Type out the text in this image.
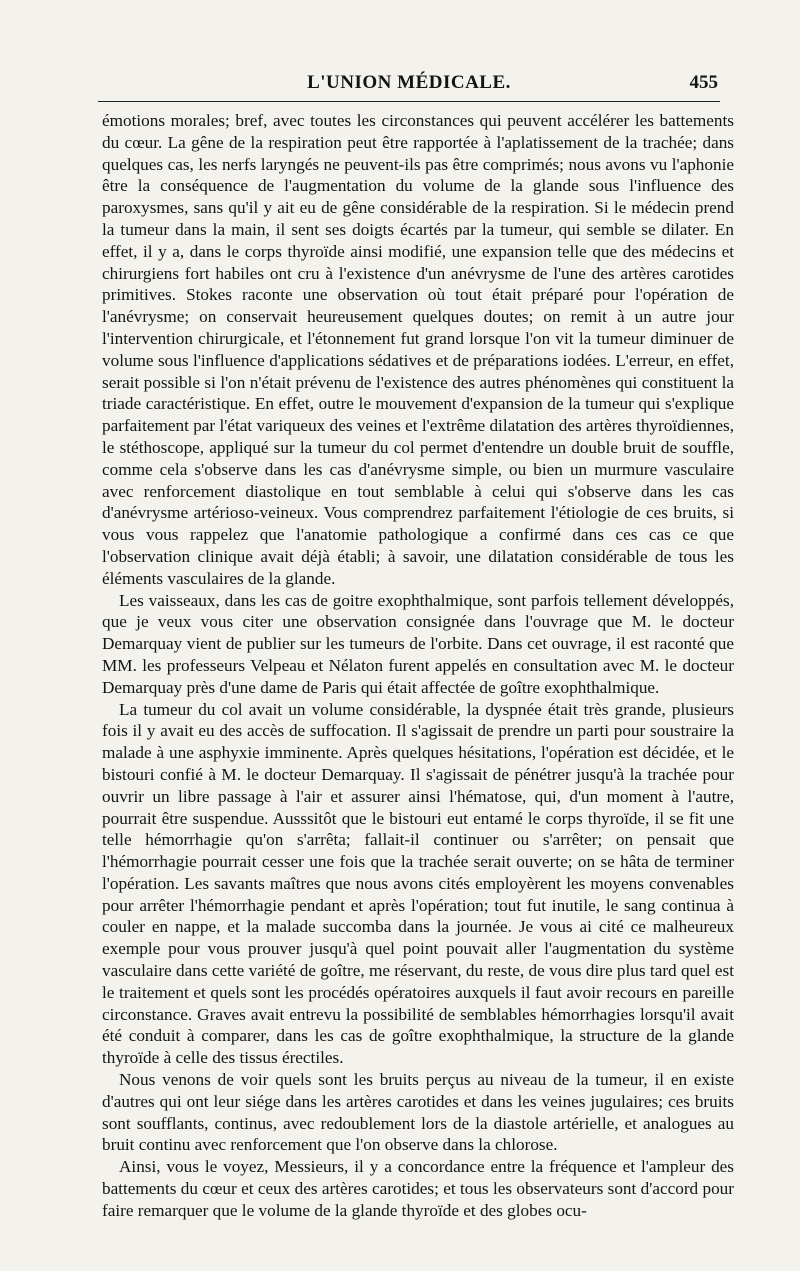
L'UNION MÉDICALE.	455

émotions morales; bref, avec toutes les circonstances qui peuvent accélérer les battements du cœur. La gêne de la respiration peut être rapportée à l'aplatissement de la trachée; dans quelques cas, les nerfs laryngés ne peuvent-ils pas être comprimés; nous avons vu l'aphonie être la conséquence de l'augmentation du volume de la glande sous l'influence des paroxysmes, sans qu'il y ait eu de gêne considérable de la respiration. Si le médecin prend la tumeur dans la main, il sent ses doigts écartés par la tumeur, qui semble se dilater. En effet, il y a, dans le corps thyroïde ainsi modifié, une expansion telle que des médecins et chirurgiens fort habiles ont cru à l'existence d'un anévrysme de l'une des artères carotides primitives. Stokes raconte une observation où tout était préparé pour l'opération de l'anévrysme; on conservait heureusement quelques doutes; on remit à un autre jour l'intervention chirurgicale, et l'étonnement fut grand lorsque l'on vit la tumeur diminuer de volume sous l'influence d'applications sédatives et de préparations iodées. L'erreur, en effet, serait possible si l'on n'était prévenu de l'existence des autres phénomènes qui constituent la triade caractéristique. En effet, outre le mouvement d'expansion de la tumeur qui s'explique parfaitement par l'état variqueux des veines et l'extrême dilatation des artères thyroïdiennes, le stéthoscope, appliqué sur la tumeur du col permet d'entendre un double bruit de souffle, comme cela s'observe dans les cas d'anévrysme simple, ou bien un murmure vasculaire avec renforcement diastolique en tout semblable à celui qui s'observe dans les cas d'anévrysme artérioso-veineux. Vous comprendrez parfaitement l'étiologie de ces bruits, si vous vous rappelez que l'anatomie pathologique a confirmé dans ces cas ce que l'observation clinique avait déjà établi; à savoir, une dilatation considérable de tous les éléments vasculaires de la glande.

Les vaisseaux, dans les cas de goitre exophthalmique, sont parfois tellement développés, que je veux vous citer une observation consignée dans l'ouvrage que M. le docteur Demarquay vient de publier sur les tumeurs de l'orbite. Dans cet ouvrage, il est raconté que MM. les professeurs Velpeau et Nélaton furent appelés en consultation avec M. le docteur Demarquay près d'une dame de Paris qui était affectée de goître exophthalmique.

La tumeur du col avait un volume considérable, la dyspnée était très grande, plusieurs fois il y avait eu des accès de suffocation. Il s'agissait de prendre un parti pour soustraire la malade à une asphyxie imminente. Après quelques hésitations, l'opération est décidée, et le bistouri confié à M. le docteur Demarquay. Il s'agissait de pénétrer jusqu'à la trachée pour ouvrir un libre passage à l'air et assurer ainsi l'hématose, qui, d'un moment à l'autre, pourrait être suspendue. Ausssitôt que le bistouri eut entamé le corps thyroïde, il se fit une telle hémorrhagie qu'on s'arrêta; fallait-il continuer ou s'arrêter; on pensait que l'hémorrhagie pourrait cesser une fois que la trachée serait ouverte; on se hâta de terminer l'opération. Les savants maîtres que nous avons cités employèrent les moyens convenables pour arrêter l'hémorrhagie pendant et après l'opération; tout fut inutile, le sang continua à couler en nappe, et la malade succomba dans la journée. Je vous ai cité ce malheureux exemple pour vous prouver jusqu'à quel point pouvait aller l'augmentation du système vasculaire dans cette variété de goître, me réservant, du reste, de vous dire plus tard quel est le traitement et quels sont les procédés opératoires auxquels il faut avoir recours en pareille circonstance. Graves avait entrevu la possibilité de semblables hémorrhagies lorsqu'il avait été conduit à comparer, dans les cas de goître exophthalmique, la structure de la glande thyroïde à celle des tissus érectiles.

Nous venons de voir quels sont les bruits perçus au niveau de la tumeur, il en existe d'autres qui ont leur siége dans les artères carotides et dans les veines jugulaires; ces bruits sont soufflants, continus, avec redoublement lors de la diastole artérielle, et analogues au bruit continu avec renforcement que l'on observe dans la chlorose.

Ainsi, vous le voyez, Messieurs, il y a concordance entre la fréquence et l'ampleur des battements du cœur et ceux des artères carotides; et tous les observateurs sont d'accord pour faire remarquer que le volume de la glande thyroïde et des globes ocu-
